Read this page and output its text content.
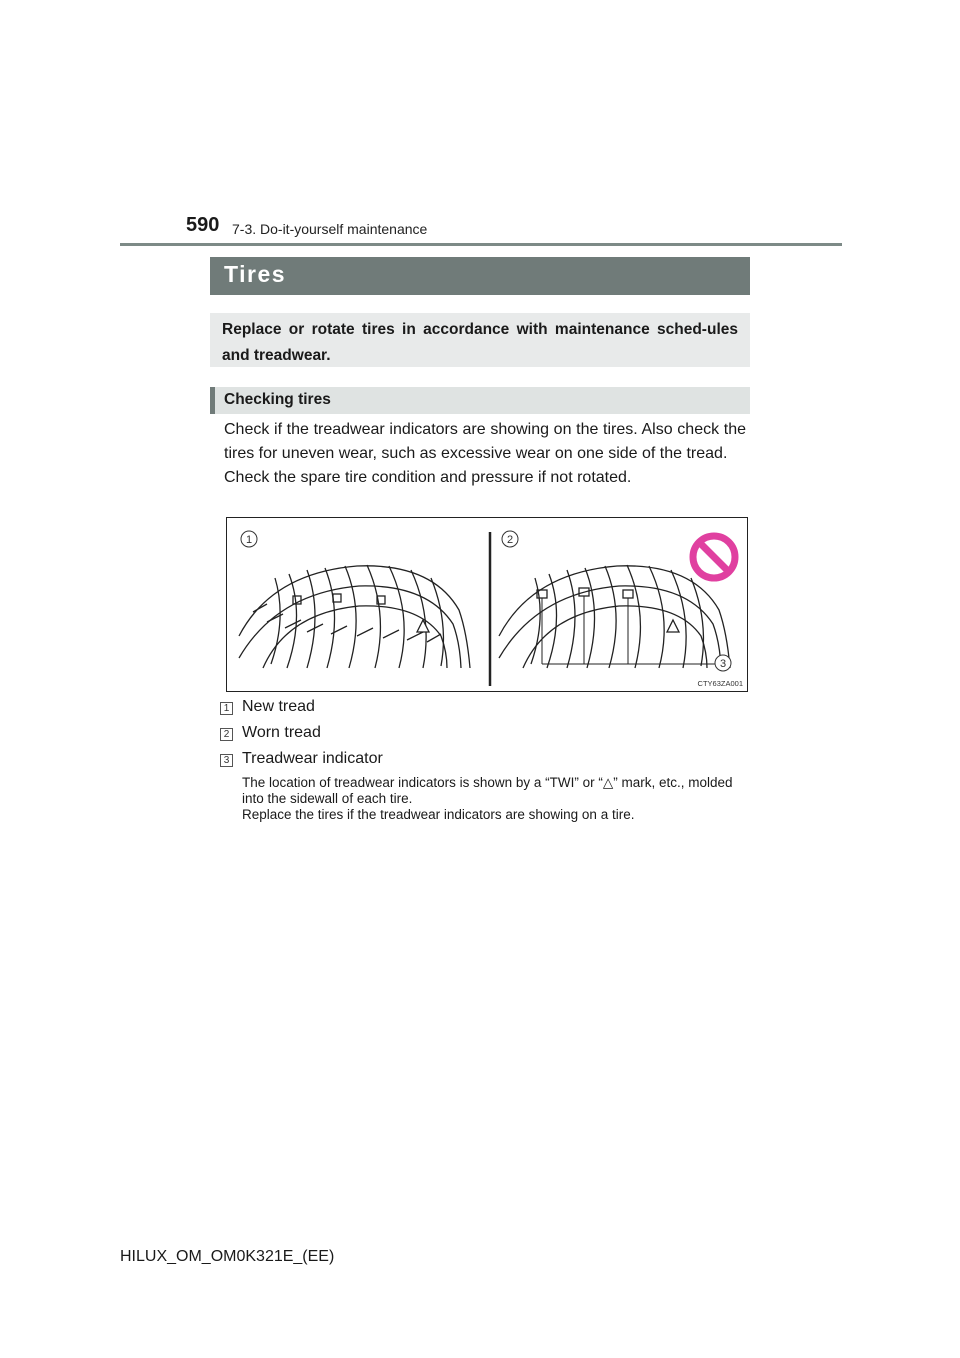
590 7-3. Do-it-yourself maintenance
Tires
Replace or rotate tires in accordance with maintenance sched-ules and treadwear.
Checking tires

Check if the treadwear indicators are showing on the tires. Also check the tires for uneven wear, such as excessive wear on one side of the tread.

Check the spare tire condition and pressure if not rotated.

1	2
3
CTY63ZA001
1 New tread
2 Worn tread
3 Treadwear indicator

The location of treadwear indicators is shown by a “TWI” or “△” mark, etc., molded into the sidewall of each tire.

Replace the tires if the treadwear indicators are showing on a tire.

HILUX_OM_OM0K321E_(EE)
